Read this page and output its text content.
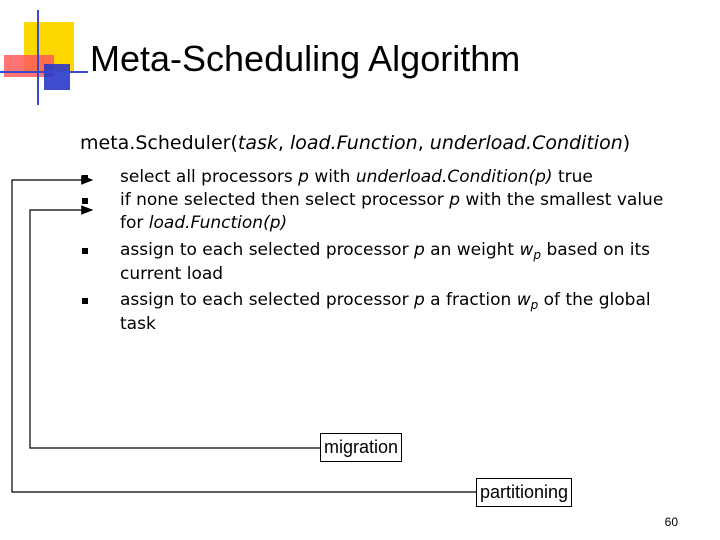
Meta-Scheduling Algorithm
meta.Scheduler(task, load.Function, underload.Condition)
select all processors p with underload.Condition(p) true
if none selected then select processor p with the smallest value for load.Function(p)
assign to each selected processor p an weight $w_p$ based on its current load
assign to each selected processor p a fraction $w_p$ of the global task
migration
partitioning
60
